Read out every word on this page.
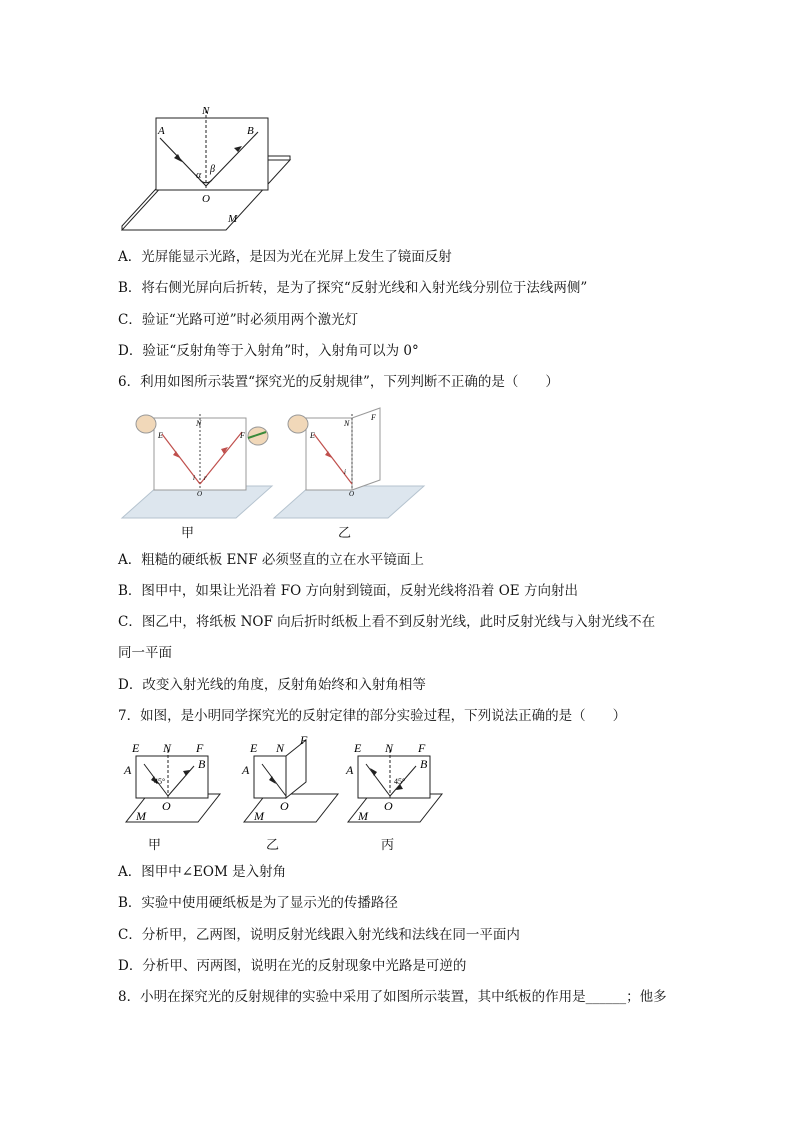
N
A	B
O
M
α
β
A．光屏能显示光路，是因为光在光屏上发生了镜面反射
B．将右侧光屏向后折转，是为了探究“反射光线和入射光线分别位于法线两侧”
C．验证“光路可逆”时必须用两个激光灯
D．验证“反射角等于入射角”时，入射角可以为 0°
6．利用如图所示装置“探究光的反射规律”，下列判断不正确的是（　　）
N
E	F
O
i r
甲
N
E
F
O
i
乙
A．粗糙的硬纸板 ENF 必须竖直的立在水平镜面上
B．图甲中，如果让光沿着 FO 方向射到镜面，反射光线将沿着 OE 方向射出
C．图乙中，将纸板 NOF 向后折时纸板上看不到反射光线，此时反射光线与入射光线不在
同一平面
D．改变入射光线的角度，反射角始终和入射角相等
7．如图，是小明同学探究光的反射定律的部分实验过程，下列说法正确的是（　　）
E N F
A	B
O
M
45°
甲
E N
F
A
O
M
乙
E N F
A	B
O
M
45°
丙
A．图甲中∠EOM 是入射角
B．实验中使用硬纸板是为了显示光的传播路径
C．分析甲，乙两图，说明反射光线跟入射光线和法线在同一平面内
D．分析甲、丙两图，说明在光的反射现象中光路是可逆的
8．小明在探究光的反射规律的实验中采用了如图所示装置，其中纸板的作用是______；他多
